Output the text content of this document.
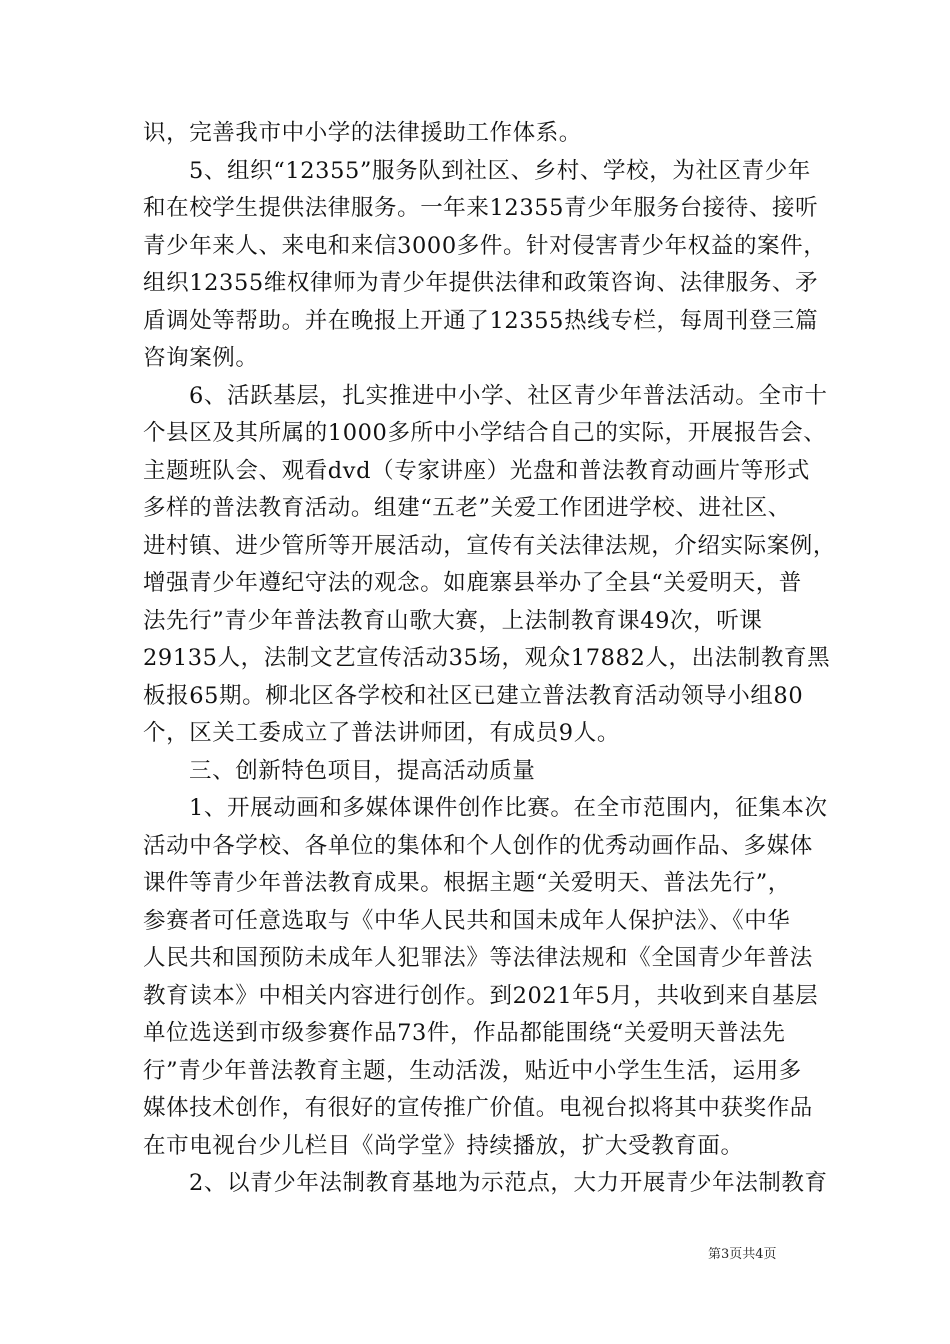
识，完善我市中小学的法律援助工作体系。
5、组织“12355”服务队到社区、乡村、学校，为社区青少年
和在校学生提供法律服务。一年来12355青少年服务台接待、接听
青少年来人、来电和来信3000多件。针对侵害青少年权益的案件，
组织12355维权律师为青少年提供法律和政策咨询、法律服务、矛
盾调处等帮助。并在晚报上开通了12355热线专栏，每周刊登三篇
咨询案例。
6、活跃基层，扎实推进中小学、社区青少年普法活动。全市十
个县区及其所属的1000多所中小学结合自己的实际，开展报告会、
主题班队会、观看dvd（专家讲座）光盘和普法教育动画片等形式
多样的普法教育活动。组建“五老”关爱工作团进学校、进社区、
进村镇、进少管所等开展活动，宣传有关法律法规，介绍实际案例，
增强青少年遵纪守法的观念。如鹿寨县举办了全县“关爱明天，普
法先行”青少年普法教育山歌大赛，上法制教育课49次，听课
29135人，法制文艺宣传活动35场，观众17882人，出法制教育黑
板报65期。柳北区各学校和社区已建立普法教育活动领导小组80
个，区关工委成立了普法讲师团，有成员9人。
三、创新特色项目，提高活动质量
1、开展动画和多媒体课件创作比赛。在全市范围内，征集本次
活动中各学校、各单位的集体和个人创作的优秀动画作品、多媒体
课件等青少年普法教育成果。根据主题“关爱明天、普法先行”，
参赛者可任意选取与《中华人民共和国未成年人保护法》、《中华
人民共和国预防未成年人犯罪法》等法律法规和《全国青少年普法
教育读本》中相关内容进行创作。到2021年5月，共收到来自基层
单位选送到市级参赛作品73件，作品都能围绕“关爱明天普法先
行”青少年普法教育主题，生动活泼，贴近中小学生生活，运用多
媒体技术创作，有很好的宣传推广价值。电视台拟将其中获奖作品
在市电视台少儿栏目《尚学堂》持续播放，扩大受教育面。
2、以青少年法制教育基地为示范点，大力开展青少年法制教育
第3页共4页
